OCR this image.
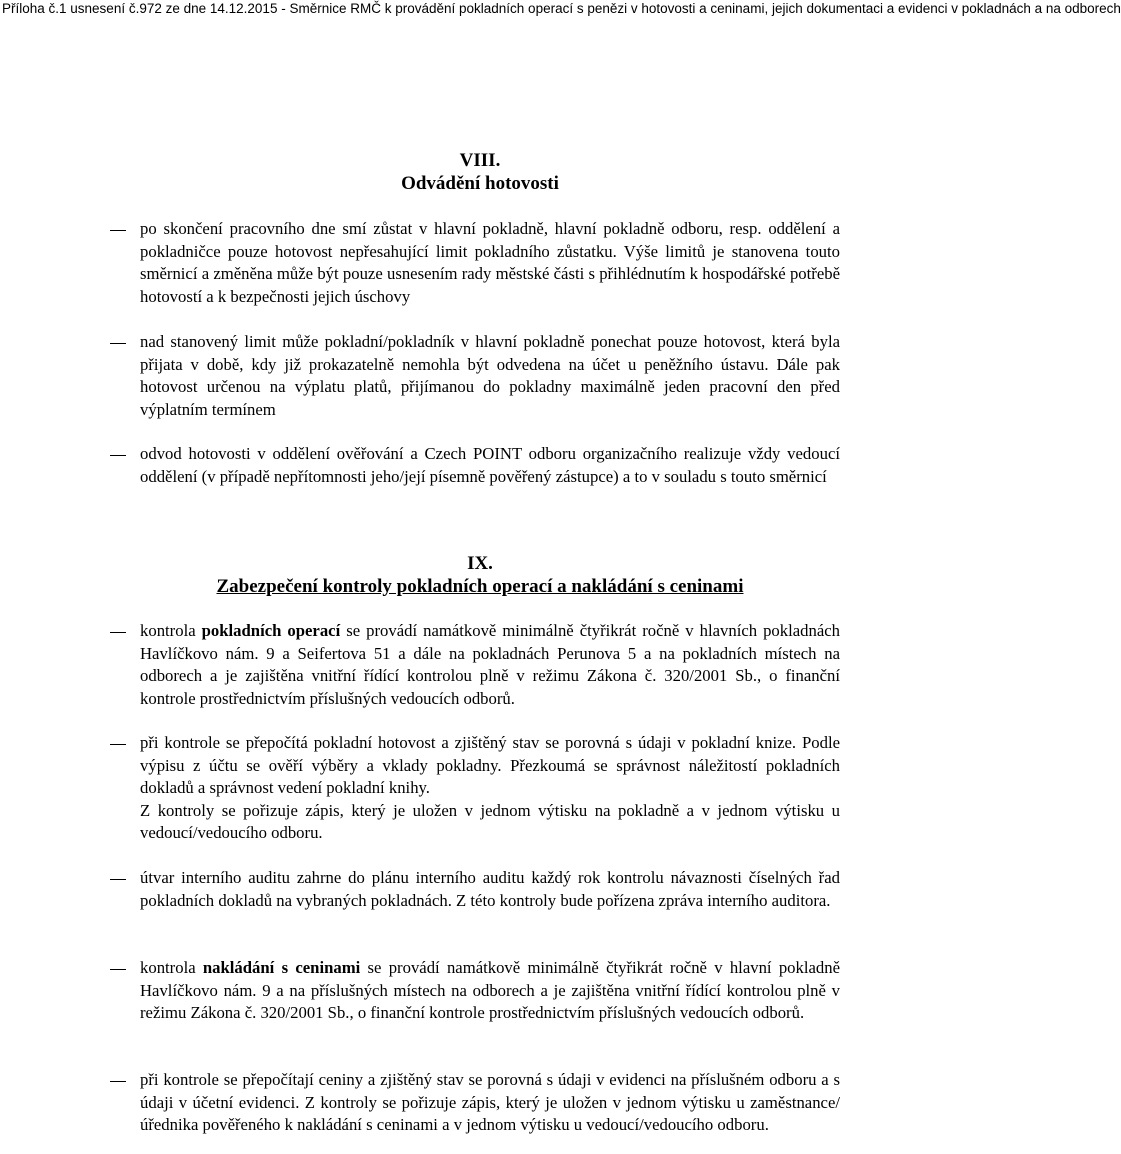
Příloha č.1 usnesení č.972 ze dne 14.12.2015 - Směrnice RMČ k provádění pokladních operací s penězi v hotovosti a ceninami, jejich dokumentaci a evidenci v pokladnách a na odborech
VIII.
Odvádění hotovosti
po skončení pracovního dne smí zůstat v hlavní pokladně, hlavní pokladně odboru, resp. oddělení a pokladničce pouze hotovost nepřesahující limit pokladního zůstatku. Výše limitů je stanovena touto směrnicí a změněna může být pouze usnesením rady městské části s přihlédnutím k hospodářské potřebě hotovostí a k bezpečnosti jejich úschovy
nad stanovený limit může pokladní/pokladník v hlavní pokladně ponechat pouze hotovost, která byla přijata v době, kdy již prokazatelně nemohla být odvedena na účet u peněžního ústavu. Dále pak hotovost určenou na výplatu platů, přijímanou do pokladny maximálně jeden pracovní den před výplatním termínem
odvod hotovosti v oddělení ověřování a Czech POINT odboru organizačního realizuje vždy vedoucí oddělení (v případě nepřítomnosti jeho/její písemně pověřený zástupce) a to v souladu s touto směrnicí
IX.
Zabezpečení kontroly pokladních operací a nakládání s ceninami
kontrola pokladních operací se provádí namátkově minimálně čtyřikrát ročně v hlavních pokladnách Havlíčkovo nám. 9 a Seifertova 51 a dále na pokladnách Perunova 5 a na pokladních místech na odborech a je zajištěna vnitřní řídící kontrolou plně v režimu Zákona č. 320/2001 Sb., o finanční kontrole prostřednictvím příslušných vedoucích odborů.

při kontrole se přepočítá pokladní hotovost a zjištěný stav se porovná s údaji v pokladní knize. Podle výpisu z účtu se ověří výběry a vklady pokladny. Přezkoumá se správnost náležitostí pokladních dokladů a správnost vedení pokladní knihy.

Z kontroly se pořizuje zápis, který je uložen v jednom výtisku na pokladně a v jednom výtisku u vedoucí/vedoucího odboru.

útvar interního auditu zahrne do plánu interního auditu každý rok kontrolu návaznosti číselných řad pokladních dokladů na vybraných pokladnách. Z této kontroly bude pořízena zpráva interního auditora.
kontrola nakládání s ceninami se provádí namátkově minimálně čtyřikrát ročně v hlavní pokladně Havlíčkovo nám. 9 a na příslušných místech na odborech a je zajištěna vnitřní řídící kontrolou plně v režimu Zákona č. 320/2001 Sb., o finanční kontrole prostřednictvím příslušných vedoucích odborů.
při kontrole se přepočítají ceniny a zjištěný stav se porovná s údaji v evidenci na příslušném odboru a s údaji v účetní evidenci. Z kontroly se pořizuje zápis, který je uložen v jednom výtisku u zaměstnance/úřednika pověřeného k nakládání s ceninami a v jednom výtisku u vedoucí/vedoucího odboru.
